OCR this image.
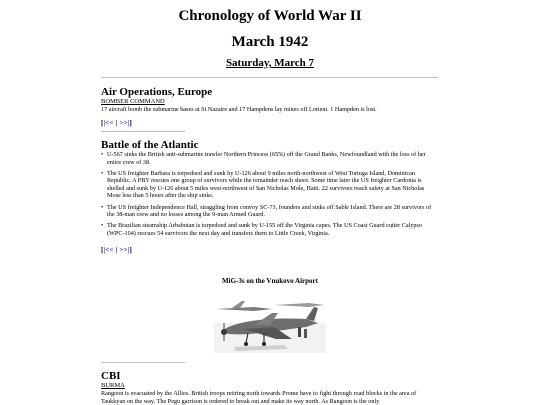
Chronology of World War II
March 1942
Saturday, March 7
Air Operations, Europe
BOMBER COMMAND
17 aircraft bomb the submarine bases at St Nazaire and 17 Hampdens lay mines off Lorient. 1 Hampden is lost.
[|<< | >>|]
Battle of the Atlantic
• U-567 sinks the British anti-submarine trawler Northern Princess (655t) off the Grand Banks, Newfoundland with the loss of her entire crew of 38.
• The US freighter Barbara is torpedoed and sunk by U-126 about 9 miles north-northwest of West Tortuga Island, Dominican Republic. A PBY rescues one group of survivors while the remainder reach shore. Some time later the US freighter Cardonia is shelled and sunk by U-126 about 5 miles west-northwest of San Nicholas Mole, Haiti. 22 survivors reach safety at San Nicholas Mose less than 5 hours after the ship sinks.
• The US freighter Independence Hall, straggling from convoy SC-73, founders and sinks off Sable Island. There are 28 survivors of the 38-man crew and no losses among the 9-man Armed Guard.
• The Brazilian steamship Arbabutan is torpedoed and sunk by U-155 off the Virginia capes. The US Coast Guard cutter Calypso (WPC-104) rescues 54 survivors the next day and transfers them to Little Creek, Virginia.
[|<< | >>|]
MiG-3s on the Vnukovo Airport
CBI
BURMA
Rangoon is evacuated by the Allies. British troops retiring north towards Prome have to fight through road blocks in the area of Taukkyan on the way. The Pegu garrison is ordered to break out and make its way north. As Rangoon is the only
